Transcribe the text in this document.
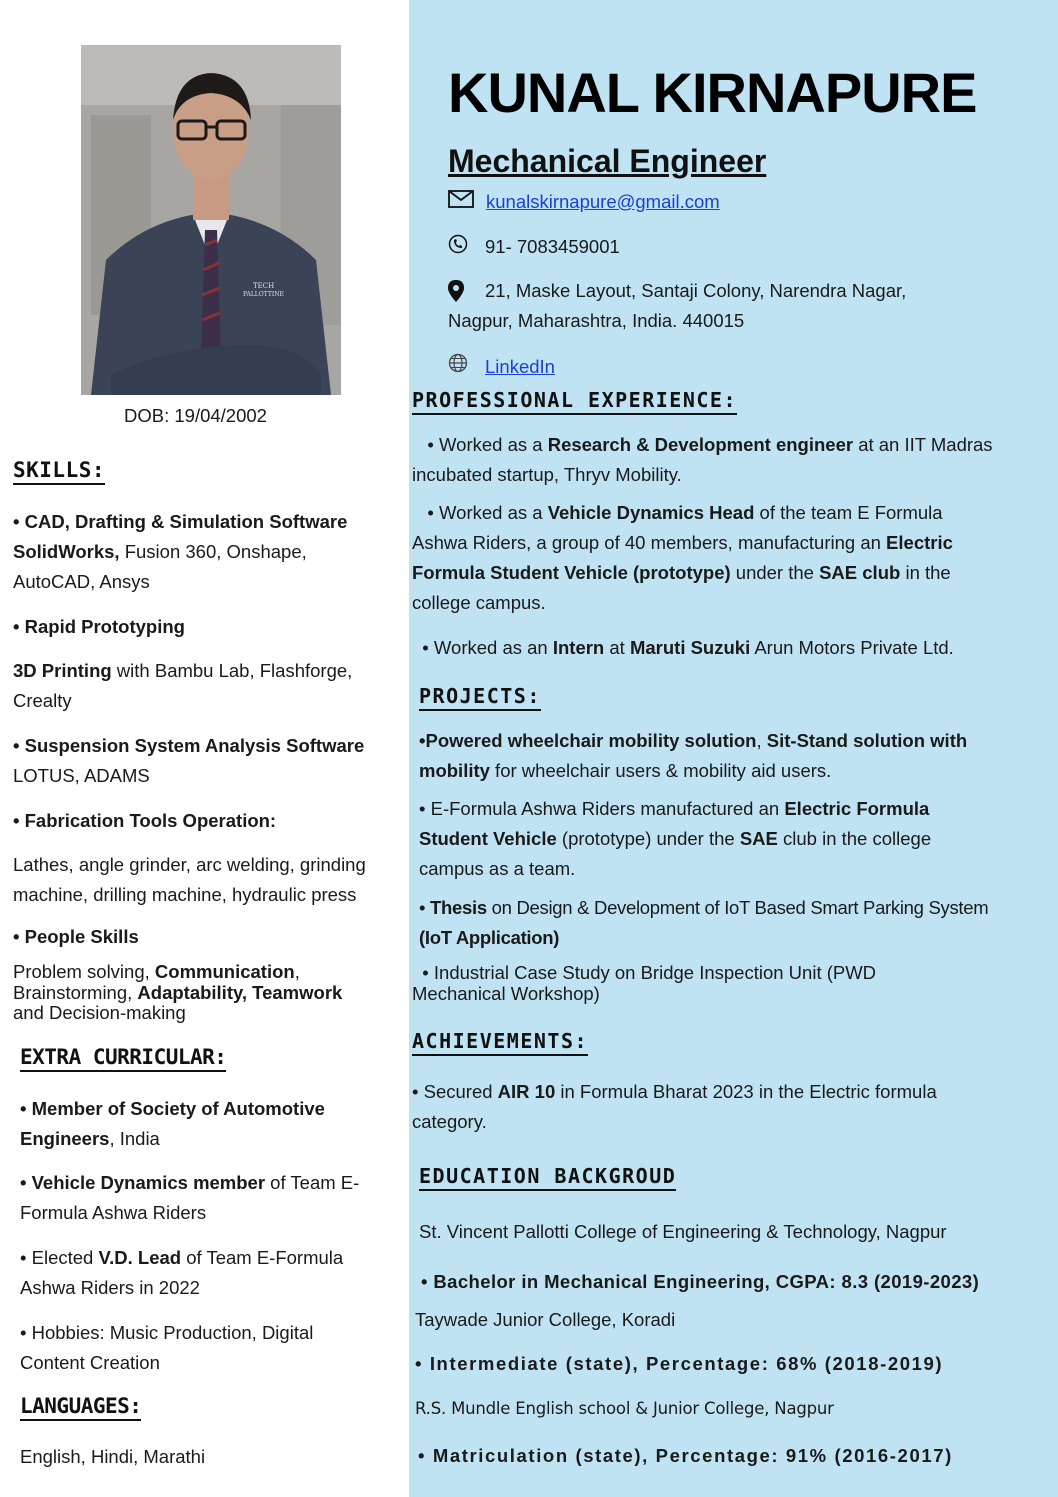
TECH
PALLOTTINE
DOB: 19/04/2002
KUNAL KIRNAPURE
Mechanical Engineer
kunalskirnapure@gmail.com
91- 7083459001
21, Maske Layout, Santaji Colony, Narendra Nagar,
Nagpur, Maharashtra, India. 440015
LinkedIn
SKILLS:
• CAD, Drafting & Simulation Software
SolidWorks, Fusion 360, Onshape,
AutoCAD, Ansys
• Rapid Prototyping
3D Printing with Bambu Lab, Flashforge,
Crealty
• Suspension System Analysis Software
LOTUS, ADAMS
• Fabrication Tools Operation:
Lathes, angle grinder, arc welding, grinding
machine, drilling machine, hydraulic press
• People Skills
Problem solving, Communication,
Brainstorming, Adaptability, Teamwork
and Decision-making
EXTRA CURRICULAR:
• Member of Society of Automotive
Engineers, India
• Vehicle Dynamics member of Team E-
Formula Ashwa Riders
• Elected V.D. Lead of Team E-Formula
Ashwa Riders in 2022
• Hobbies: Music Production, Digital
Content Creation
LANGUAGES:
English, Hindi, Marathi
PROFESSIONAL EXPERIENCE:
• Worked as a Research & Development engineer at an IIT Madras
incubated startup, Thryv Mobility.
• Worked as a Vehicle Dynamics Head of the team E Formula
Ashwa Riders, a group of 40 members, manufacturing an Electric
Formula Student Vehicle (prototype) under the SAE club in the
college campus.
• Worked as an Intern at Maruti Suzuki Arun Motors Private Ltd.
PROJECTS:
•Powered wheelchair mobility solution, Sit-Stand solution with
mobility for wheelchair users & mobility aid users.
• E-Formula Ashwa Riders manufactured an Electric Formula
Student Vehicle (prototype) under the SAE club in the college
campus as a team.
• Thesis on Design & Development of IoT Based Smart Parking System
(IoT Application)
• Industrial Case Study on Bridge Inspection Unit (PWD
Mechanical Workshop)
ACHIEVEMENTS:
• Secured AIR 10 in Formula Bharat 2023 in the Electric formula
category.
EDUCATION BACKGROUD
St. Vincent Pallotti College of Engineering & Technology, Nagpur
• Bachelor in Mechanical Engineering, CGPA: 8.3 (2019-2023)
Taywade Junior College, Koradi
• Intermediate (state), Percentage: 68% (2018-2019)
R.S. Mundle English school & Junior College, Nagpur
• Matriculation (state), Percentage: 91% (2016-2017)
